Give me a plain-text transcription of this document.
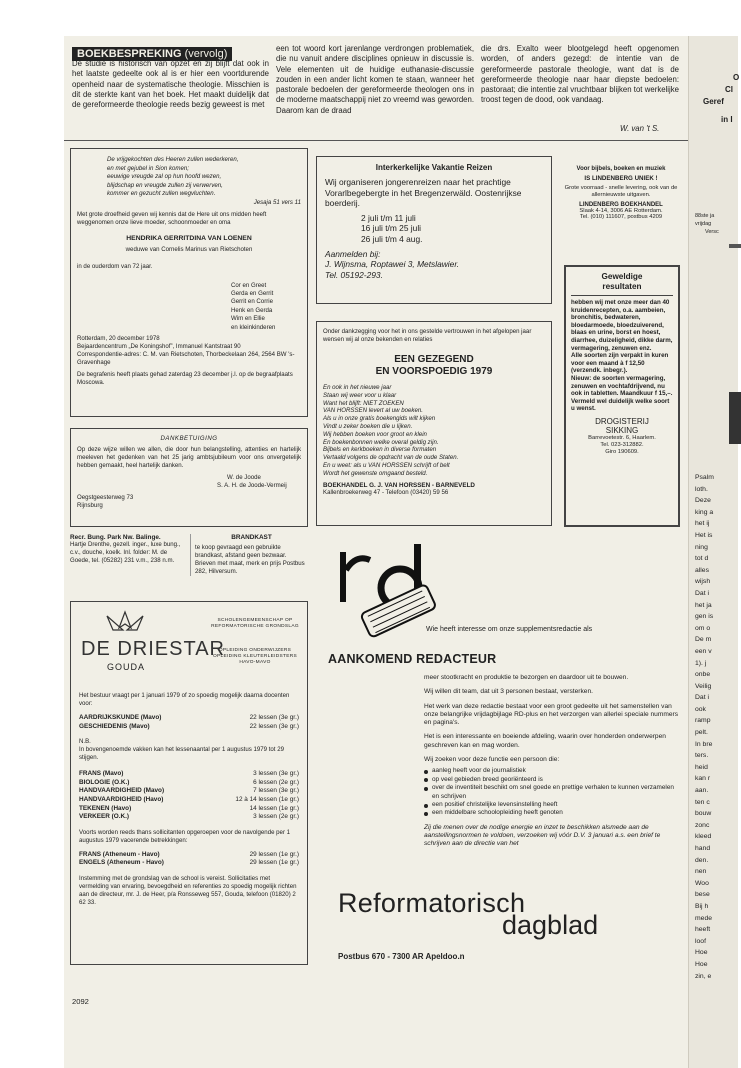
BOEKBESPREKING (vervolg)

De studie is historisch van opzet en zij blijft dat ook in het laatste gedeelte ook al is er hier een voortdurende openheid naar de systematische theologie. Misschien is dit de sterkte kant van het boek. Het maakt duidelijk dat de gereformeerde theologie reeds bezig geweest is met

een tot woord kort jarenlange verdrongen problematiek, die nu vanuit andere disciplines opnieuw in discussie is. Vele elementen uit de huidige euthanasie-discussie zouden in een ander licht komen te staan, wanneer het pastorale bedoelen der gereformeerde theologen ons in de moderne maatschappij niet zo vreemd was geworden. Daarom kan de draad

die drs. Exalto weer blootgelegd heeft opgenomen worden, of anders gezegd: de intentie van de gereformeerde pastorale theologie, want dat is de gereformeerde theologie naar haar diepste bedoelen: pastoraat; die intentie zal vruchtbaar blijken tot werkelijke troost tegen de dood, ook vandaag.

W. van 't S.

De vrijgekochten des Heeren zullen wederkeren,
en met gejubel in Sion komen;
eeuwige vreugde zal op hun hoofd wezen,
blijdschap en vreugde zullen zij verwerven,
kommer en gezucht zullen wegvluchten.
Jesaja 51 vers 11

Met grote droefheid geven wij kennis dat de Here uit ons midden heeft weggenomen onze lieve moeder, schoonmoeder en oma

HENDRIKA GERRITDINA VAN LOENEN

weduwe van Cornelis Marinus van Rietschoten

in de ouderdom van 72 jaar.

Cor en Greet
Gerda en Gerrit
Gerrit en Corrie
Henk en Gerda
Wim en Ellie
en kleinkinderen

Rotterdam, 20 december 1978

Bejaardencentrum „De Koningshof”, Immanuel Kantstraat 90

Correspondentie-adres: C. M. van Rietschoten, Thorbeckelaan 264, 2564 BW 's-Gravenhage

De begrafenis heeft plaats gehad zaterdag 23 december j.l. op de begraafplaats Moscowa.

DANKBETUIGING

Op deze wijze willen we allen, die door hun belangstelling, attenties en hartelijk meeleven het gedenken van het 25 jarig ambtsjubileum voor ons onvergetelijk hebben gemaakt, heel hartelijk danken.

W. de Joode

S. A. H. de Joode-Vermeij

Oegstgeesterweg 73

Rijnsburg

Recr. Bung. Park Nw. Balinge.

Hartje Drenthe, gezell. inger., luxe bung., c.v., douche, koelk. Inl. folder: M. de Goede, tel. (05282) 231 v.m., 238 n.m.

BRANDKAST

te koop gevraagd een gebruikte brandkast, afstand geen bezwaar. Brieven met maat, merk en prijs Postbus 282, Hilversum.

DE DRIESTAR

GOUDA

SCHOLENGEMEENSCHAP OP REFORMATORISCHE GRONDSLAG

OPLEIDING ONDERWIJZERS OPLEIDING KLEUTERLEIDSTERS HAVO-MAVO

Het bestuur vraagt per 1 januari 1979 of zo spoedig mogelijk daarna docenten voor:

AARDRIJKSKUNDE (Mavo)	22 lessen (3e gr.)
GESCHIEDENIS (Mavo)	22 lessen (3e gr.)

N.B.

In bovengenoemde vakken kan het lessenaantal per 1 augustus 1979 tot 29 stijgen.

FRANS (Mavo)	3 lessen (3e gr.)
BIOLOGIE (O.K.)	6 lessen (2e gr.)
HANDVAARDIGHEID (Mavo)	7 lessen (3e gr.)
HANDVAARDIGHEID (Havo)	12 à 14 lessen (1e gr.)
TEKENEN (Havo)	14 lessen (1e gr.)
VERKEER (O.K.)	3 lessen (2e gr.)

Voorts worden reeds thans sollicitanten opgeroepen voor de navolgende per 1 augustus 1979 vacerende betrekkingen:

FRANS (Atheneum - Havo)	29 lessen (1e gr.)
ENGELS (Atheneum - Havo)	29 lessen (1e gr.)

Instemming met de grondslag van de school is vereist. Sollicitaties met vermelding van ervaring, bevoegdheid en referenties zo spoedig mogelijk richten aan de directeur, mr. J. de Heer, p/a Ronsseweg 557, Gouda, telefoon (01820) 2 62 33.

Interkerkelijke Vakantie Reizen

Wij organiseren jongerenreizen naar het prachtige Vorarlbegebergte in het Bregenzerwäld. Oostenrijkse boerderij.

2 juli t/m 11 juli
16 juli t/m 25 juli
26 juli t/m 4 aug.

Aanmelden bij:

J. Wijnsma, Roptawei 3, Metslawier.

Tel. 05192-293.

Onder dankzegging voor het in ons gestelde vertrouwen in het afgelopen jaar wensen wij al onze bekenden en relaties

EEN GEZEGEND

EN VOORSPOEDIG 1979

En ook in het nieuwe jaar
Staan wij weer voor u klaar
Want het blijft: NIET ZOEKEN
VAN HORSSEN levert al uw boeken.
Als u in onze gratis boekengids wilt kijken
Vindt u zeker boeken die u lijken.
Wij hebben boeken voor groot en klein
En boekenbonnen welke overal geldig zijn.
Bijbels en kerkboeken in diverse formaten
Vertaald volgens de opdracht van de oude Staten.
En u weet: als u VAN HORSSEN schrijft of belt
Wordt het gewenste omgaand besteld.

BOEKHANDEL G. J. VAN HORSSEN - BARNEVELD

Kallenbroekerweg 47 - Telefoon (03420) 59 56

Voor bijbels, boeken en muziek

IS LINDENBERG UNIEK !

Grote voorraad - snelle levering, ook van de allernieuwste uitgaven.

LINDENBERG BOEKHANDEL

Slaak 4-14, 3006 AE Rotterdam.

Tel. (010) 111607, postbus 4209

Geweldige resultaten

hebben wij met onze meer dan 40 kruidenrecepten, o.a. aambeien, bronchitis, bedwateren, bloedarmoede, bloedzuiverend, blaas en urine, borst en hoest, diarrhee, duizeligheid, dikke darm, vermagering, zenuwen enz.

Alle soorten zijn verpakt in kuren voor een maand à f 12,50 (verzendk. inbegr.).

Nieuw: de soorten vermagering, zenuwen en vochtafdrijvend, nu ook in tabletten. Maandkuur f 15,–.

Vermeld wel duidelijk welke soort u wenst.

DROGISTERIJ

SIKKING

Barrevoetestr. 6, Haarlem.

Tel. 023-312882.

Giro 190609.

Wie heeft interesse om onze supplementsredactie als

AANKOMEND REDACTEUR

meer stootkracht en produktie te bezorgen en daardoor uit te bouwen.

Wij willen dit team, dat uit 3 personen bestaat, versterken.

Het werk van deze redactie bestaat voor een groot gedeelte uit het samenstellen van onze belangrijke vrijdagbijlage RD-plus en het verzorgen van allerlei speciale nummers en pagina's.

Het is een interessante en boeiende afdeling, waarin over honderden onderwerpen geschreven kan en mag worden.

Wij zoeken voor deze functie een persoon die:

aanleg heeft voor de journalistiek
op veel gebieden breed georiënteerd is
over de inventiteit beschikt om snel goede en prettige verhalen te kunnen verzamelen en schrijven
een positief christelijke levensinstelling heeft
een middelbare schoolopleiding heeft genoten

Zij die menen over de nodige energie en inzet te beschikken alsmede aan de aanstellingsnormen te voldoen, verzoeken wij vóór D.V. 3 januari a.s. een brief te schrijven aan de directie van het

Reformatorisch

dagblad

Postbus 670 - 7300 AR Apeldoo.n

2092

O
Cl
Geref
in I
88ste ja
vrijdag
Versc
Psalm
loth.
Deze
king a
het ij
Het is
ning
tot d
alles
wijsh
Dat i
het ja
gen is
om o
De m
een v
1). j
onbe
Veilig
Dat i
ook
ramp
pelt.
In bre
ters.
heid
kan r
aan.
ten c
bouw
zonc
kleed
hand
den.
nen
Woo
bese
Bij h
mede
heeft
loof
Hoe
Hoe
zin, e
